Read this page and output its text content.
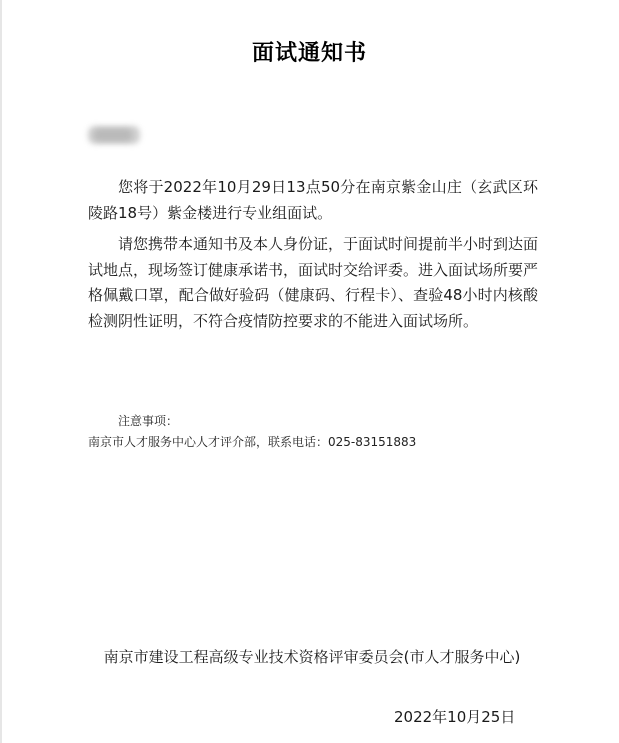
面试通知书

您将于2022年10月29日13点50分在南京紫金山庄（玄武区环陵路18号）紫金楼进行专业组面试。

请您携带本通知书及本人身份证，于面试时间提前半小时到达面试地点，现场签订健康承诺书，面试时交给评委。进入面试场所要严格佩戴口罩，配合做好验码（健康码、行程卡）、查验48小时内核酸检测阴性证明，不符合疫情防控要求的不能进入面试场所。

注意事项：
南京市人才服务中心人才评介部，联系电话：025-83151883
南京市建设工程高级专业技术资格评审委员会(市人才服务中心)
2022年10月25日
